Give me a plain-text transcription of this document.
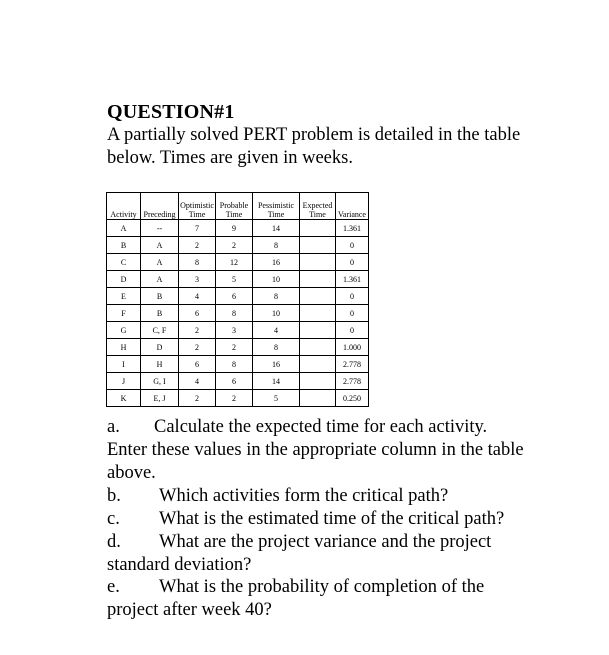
QUESTION#1
A partially solved PERT problem is detailed in the table below. Times are given in weeks.
Activity	Preceding	Optimistic Time	Probable Time	Pessimistic Time	Expected Time	Variance
A	--	7	9	14		1.361
B	A	2	2	8		0
C	A	8	12	16		0
D	A	3	5	10		1.361
E	B	4	6	8		0
F	B	6	8	10		0
G	C, F	2	3	4		0
H	D	2	2	8		1.000
I	H	6	8	16		2.778
J	G, I	4	6	14		2.778
K	E, J	2	2	5		0.250
a. Calculate the expected time for each activity.
Enter these values in the appropriate column in the table
above.
b. Which activities form the critical path?
c. What is the estimated time of the critical path?
d. What are the project variance and the project
standard deviation?
e. What is the probability of completion of the
project after week 40?
